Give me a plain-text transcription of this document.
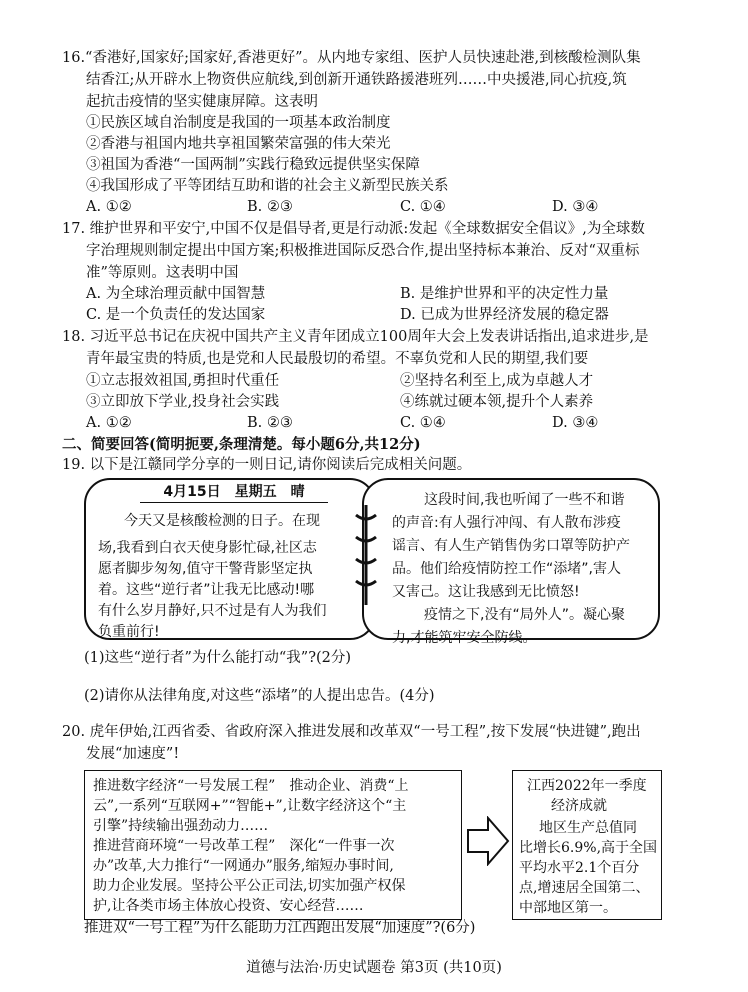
16.“香港好,国家好;国家好,香港更好”。从内地专家组、医护人员快速赴港,到核酸检测队集
结香江;从开辟水上物资供应航线,到创新开通铁路援港班列……中央援港,同心抗疫,筑
起抗击疫情的坚实健康屏障。这表明
①民族区域自治制度是我国的一项基本政治制度
②香港与祖国内地共享祖国繁荣富强的伟大荣光
③祖国为香港“一国两制”实践行稳致远提供坚实保障
④我国形成了平等团结互助和谐的社会主义新型民族关系
A. ①②	B. ②③	C. ①④	D. ③④
17. 维护世界和平安宁,中国不仅是倡导者,更是行动派:发起《全球数据安全倡议》,为全球数
字治理规则制定提出中国方案;积极推进国际反恐合作,提出坚持标本兼治、反对“双重标
准”等原则。这表明中国
A. 为全球治理贡献中国智慧	B. 是维护世界和平的决定性力量
C. 是一个负责任的发达国家	D. 已成为世界经济发展的稳定器
18. 习近平总书记在庆祝中国共产主义青年团成立100周年大会上发表讲话指出,追求进步,是
青年最宝贵的特质,也是党和人民最殷切的希望。不辜负党和人民的期望,我们要
①立志报效祖国,勇担时代重任	②坚持名利至上,成为卓越人才
③立即放下学业,投身社会实践	④练就过硬本领,提升个人素养
A. ①②	B. ②③	C. ①④	D. ③④
二、简要回答(简明扼要,条理清楚。每小题6分,共12分)
19. 以下是江赣同学分享的一则日记,请你阅读后完成相关问题。
4月15日　星期五　晴
今天又是核酸检测的日子。在现
场,我看到白衣天使身影忙碌,社区志
愿者脚步匆匆,值守干警背影坚定执
着。这些“逆行者”让我无比感动!哪
有什么岁月静好,只不过是有人为我们
负重前行!
这段时间,我也听闻了一些不和谐
的声音:有人强行冲闯、有人散布涉疫
谣言、有人生产销售伪劣口罩等防护产
品。他们给疫情防控工作“添堵”,害人
又害己。这让我感到无比愤怒!
疫情之下,没有“局外人”。凝心聚
力,才能筑牢安全防线。
(1)这些“逆行者”为什么能打动“我”?(2分)
(2)请你从法律角度,对这些“添堵”的人提出忠告。(4分)
20. 虎年伊始,江西省委、省政府深入推进发展和改革双“一号工程”,按下发展“快进键”,跑出
发展“加速度”!
推进数字经济“一号发展工程”　推动企业、消费“上
云”,一系列“互联网+”“智能+”,让数字经济这个“主
引擎”持续输出强劲动力……
推进营商环境“一号改革工程”　深化“一件事一次
办”改革,大力推行“一网通办”服务,缩短办事时间,
助力企业发展。坚持公平公正司法,切实加强产权保
护,让各类市场主体放心投资、安心经营……
江西2022年一季度
经济成就
地区生产总值同
比增长6.9%,高于全国
平均水平2.1个百分
点,增速居全国第二、
中部地区第一。
推进双“一号工程”为什么能助力江西跑出发展“加速度”?(6分)
道德与法治·历史试题卷 第3页 (共10页)
